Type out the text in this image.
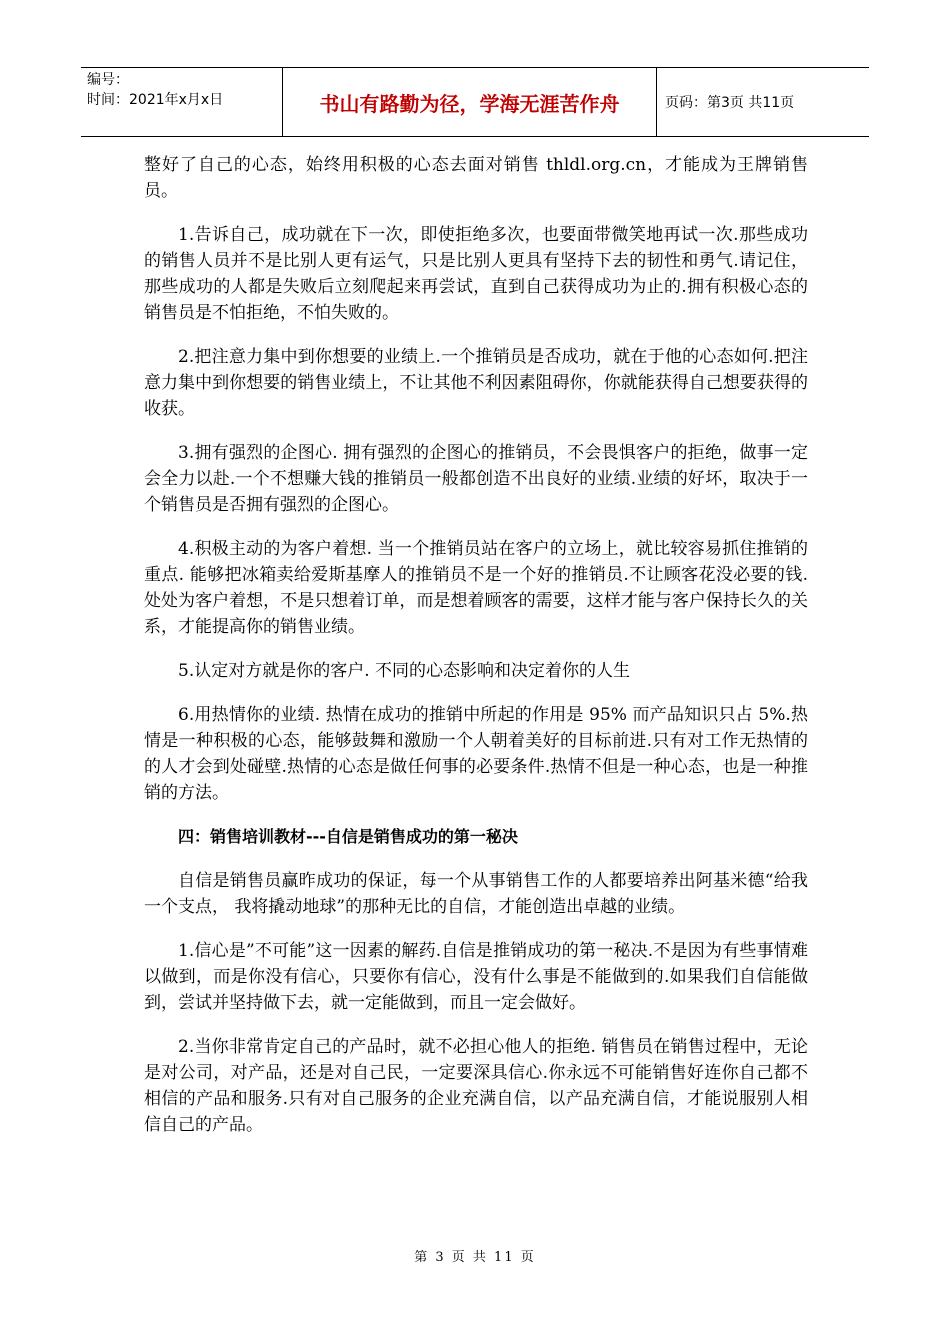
编号：
时间：2021年x月x日	书山有路勤为径，学海无涯苦作舟	页码：第3页 共11页

整好了自己的心态，始终用积极的心态去面对销售 thldl.org.cn，才能成为王牌销售员。

1.告诉自己，成功就在下一次，即使拒绝多次，也要面带微笑地再试一次.那些成功的销售人员并不是比别人更有运气，只是比别人更具有坚持下去的韧性和勇气.请记住，那些成功的人都是失败后立刻爬起来再尝试，直到自己获得成功为止的.拥有积极心态的销售员是不怕拒绝，不怕失败的。

2.把注意力集中到你想要的业绩上.一个推销员是否成功，就在于他的心态如何.把注意力集中到你想要的销售业绩上，不让其他不利因素阻碍你，你就能获得自己想要获得的收获。

3.拥有强烈的企图心. 拥有强烈的企图心的推销员，不会畏惧客户的拒绝，做事一定会全力以赴.一个不想赚大钱的推销员一般都创造不出良好的业绩.业绩的好坏，取决于一个销售员是否拥有强烈的企图心。

4.积极主动的为客户着想. 当一个推销员站在客户的立场上，就比较容易抓住推销的重点. 能够把冰箱卖给爱斯基摩人的推销员不是一个好的推销员.不让顾客花没必要的钱.处处为客户着想，不是只想着订单，而是想着顾客的需要，这样才能与客户保持长久的关系，才能提高你的销售业绩。

5.认定对方就是你的客户. 不同的心态影响和决定着你的人生

6.用热情你的业绩. 热情在成功的推销中所起的作用是 95% 而产品知识只占 5%.热情是一种积极的心态，能够鼓舞和激励一个人朝着美好的目标前进.只有对工作无热情的的人才会到处碰壁.热情的心态是做任何事的必要条件.热情不但是一种心态，也是一种推销的方法。

四：销售培训教材---自信是销售成功的第一秘决

自信是销售员赢昨成功的保证，每一个从事销售工作的人都要培养出阿基米德“给我一个支点， 我将撬动地球”的那种无比的自信，才能创造出卓越的业绩。

1.信心是”不可能”这一因素的解药.自信是推销成功的第一秘决.不是因为有些事情难以做到，而是你没有信心，只要你有信心，没有什么事是不能做到的.如果我们自信能做到，尝试并坚持做下去，就一定能做到，而且一定会做好。

2.当你非常肯定自己的产品时，就不必担心他人的拒绝. 销售员在销售过程中，无论是对公司，对产品，还是对自己民，一定要深具信心.你永远不可能销售好连你自己都不相信的产品和服务.只有对自己服务的企业充满自信，以产品充满自信，才能说服别人相信自己的产品。

第 3 页 共 11 页
